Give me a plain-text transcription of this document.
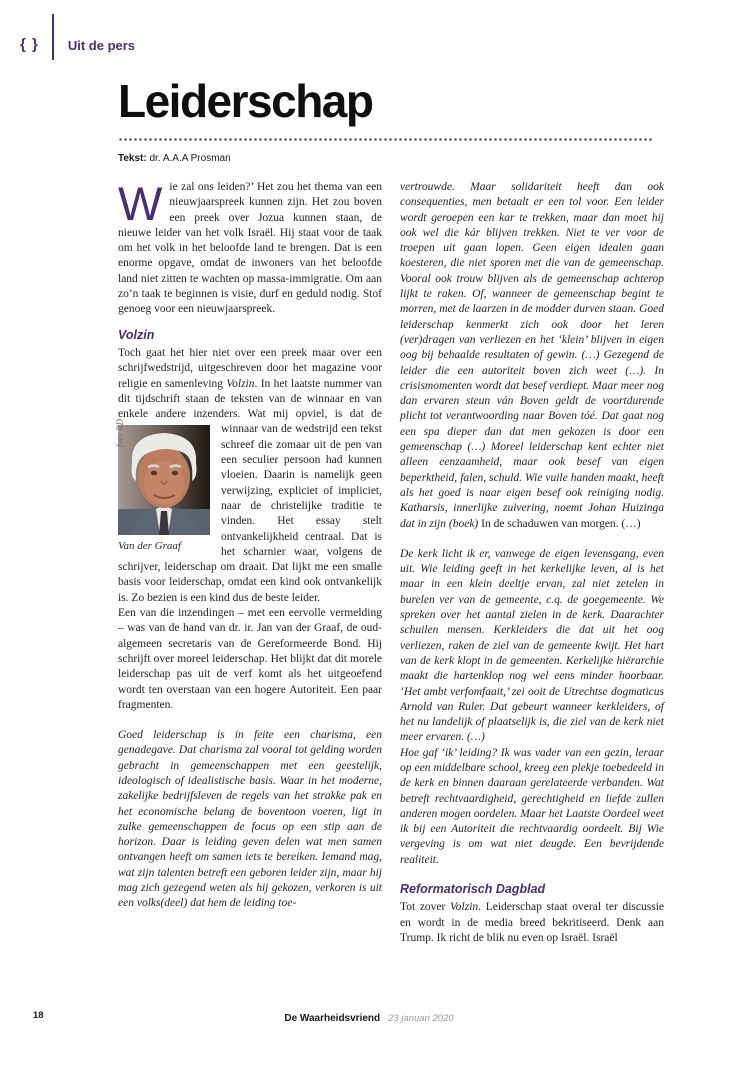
{ } Uit de pers
Leiderschap
Tekst: dr. A.A.A Prosman
Wie zal ons leiden?’ Het zou het thema van een nieuwjaarspreek kunnen zijn. Het zou boven een preek over Jozua kunnen staan, de nieuwe leider van het volk Israël. Hij staat voor de taak om het volk in het beloofde land te brengen. Dat is een enorme opgave, omdat de inwoners van het beloofde land niet zitten te wachten op massa-immigratie. Om aan zo’n taak te beginnen is visie, durf en geduld nodig. Stof genoeg voor een nieuwjaarspreek.
Volzin
Toch gaat het hier niet over een preek maar over een schrijfwedstrijd, uitgeschreven door het magazine voor religie en samenleving Volzin. In het laatste nummer van dit tijdschrift staan de teksten van de winnaar en van enkele andere inzenders. Wat mij opviel, is dat de winnaar van de wedstrijd een tekst
foto RD
Van der Graaf
schreef die zomaar uit de pen van een seculier persoon had kunnen vloeien. Daarin is namelijk geen verwijzing, expliciet of impliciet, naar de christelijke traditie te vinden. Het essay stelt ontvankelijkheid centraal. Dat is het scharnier waar, volgens de schrijver, leiderschap om draait. Dat lijkt me een smalle basis voor leiderschap, omdat een kind ook ontvankelijk is. Zo bezien is een kind dus de beste leider.
Een van die inzendingen – met een eervolle vermelding – was van de hand van dr. ir. Jan van der Graaf, de oud-algemeen secretaris van de Gereformeerde Bond. Hij schrijft over moreel leiderschap. Het blijkt dat dit morele leiderschap pas uit de verf komt als het uitgeoefend wordt ten overstaan van een hogere Autoriteit. Een paar fragmenten.
Goed leiderschap is in feite een charisma, een genadegave. Dat charisma zal vooral tot gelding worden gebracht in gemeenschappen met een geestelijk, ideologisch of idealistische basis. Waar in het moderne, zakelijke bedrijfsleven de regels van het strakke pak en het economische belang de boventoon voeren, ligt in zulke gemeenschappen de focus op een stip aan de horizon. Daar is leiding geven delen wat men samen ontvangen heeft om samen iets te bereiken. Iemand mag, wat zijn talenten betreft een geboren leider zijn, maar hij mag zich gezegend weten als hij gekozen, verkoren is uit een volks(deel) dat hem de leiding toe-
vertrouwde. Maar solidariteit heeft dan ook consequenties, men betaalt er een tol voor. Een leider wordt geroepen een kar te trekken, maar dan moet hij ook wel die kár blijven trekken. Niet te ver voor de troepen uit gaan lopen. Geen eigen idealen gaan koesteren, die niet sporen met die van de gemeenschap. Vooral ook trouw blijven als de gemeenschap achterop lijkt te raken. Of, wanneer de gemeenschap begint te morren, met de laarzen in de modder durven staan. Goed leiderschap kenmerkt zich ook door het leren (ver)dragen van verliezen en het ‘klein’ blijven in eigen oog bij behaalde resultaten of gewin. (…) Gezegend de leider die een autoriteit boven zich weet (…). In crisismomenten wordt dat besef verdiept. Maar meer nog dan ervaren steun ván Boven geldt de voortdurende plicht tot verantwoording naar Boven tóé. Dat gaat nog een spa dieper dan dat men gekozen is door een gemeenschap (…) Moreel leiderschap kent echter niet alleen eenzaamheid, maar ook besef van eigen beperktheid, falen, schuld. Wie vuile handen maakt, heeft als het goed is naar eigen besef ook reiniging nodig. Katharsis, innerlijke zuivering, noemt Johan Huizinga dat in zijn (boek) In de schaduwen van morgen. (…)
De kerk licht ik er, vanwege de eigen levensgang, even uit. Wie leiding geeft in het kerkelijke leven, al is het maar in een klein deeltje ervan, zal niet zetelen in burelen ver van de gemeente, c.q. de goegemeente. We spreken over het aantal zielen in de kerk. Daarachter schuilen mensen. Kerkleiders die dat uit het oog verliezen, raken de ziel van de gemeente kwijt. Het hart van de kerk klopt in de gemeenten. Kerkelijke hiërarchie maakt die hartenklop nog wel eens minder hoorbaar. ‘Het ambt verfomfaait,’ zei ooit de Utrechtse dogmaticus Arnold van Ruler. Dat gebeurt wanneer kerkleiders, of het nu landelijk of plaatselijk is, die ziel van de kerk niet meer ervaren. (…)
Hoe gaf ‘ik’ leiding? Ik was vader van een gezin, leraar op een middelbare school, kreeg een plekje toebedeeld in de kerk en binnen daaraan gerelateerde verbanden. Wat betreft rechtvaardigheid, gerechtigheid en liefde zullen anderen mogen oordelen. Maar het Laatste Oordeel weet ik bij een Autoriteit die rechtvaardig oordeelt. Bij Wie vergeving is om wat niet deugde. Een bevrijdende realiteit.
Reformatorisch Dagblad
Tot zover Volzin. Leiderschap staat overal ter discussie en wordt in de media breed bekritiseerd. Denk aan Trump. Ik richt de blik nu even op Israël. Israël
18	De Waarheidsvriend 23 januari 2020
